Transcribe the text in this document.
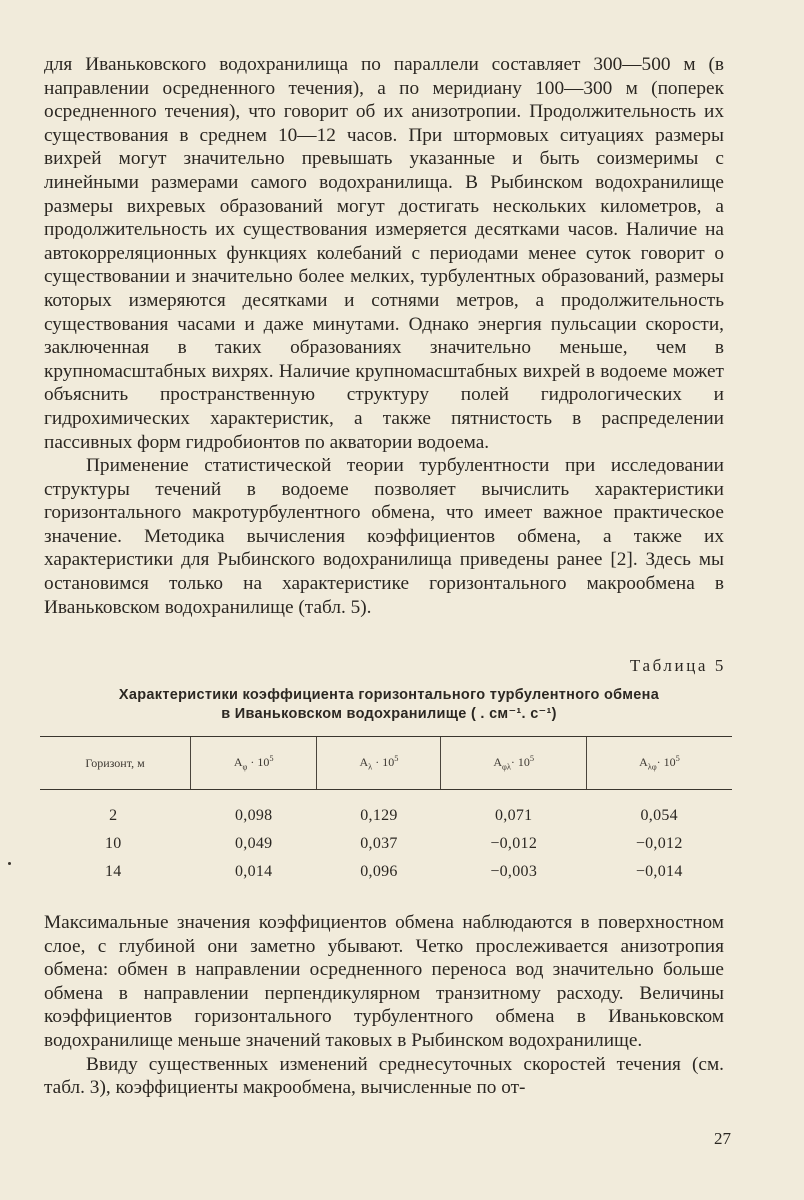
для Иваньковского водохранилища по параллели составляет 300—500 м (в направлении осредненного течения), а по меридиану 100—300 м (поперек осредненного течения), что говорит об их анизотропии. Продолжительность их существования в среднем 10—12 часов. При штормовых ситуациях размеры вихрей могут значительно превышать указанные и быть соизмеримы с линейными размерами самого водохранилища. В Рыбинском водохранилище размеры вихревых образований могут достигать нескольких километров, а продолжительность их существования измеряется десятками часов. Наличие на автокорреляционных функциях колебаний с периодами менее суток говорит о существовании и значительно более мелких, турбулентных образований, размеры которых измеряются десятками и сотнями метров, а продолжительность существования часами и даже минутами. Однако энергия пульсации скорости, заключенная в таких образованиях значительно меньше, чем в крупномасштабных вихрях. Наличие крупномасштабных вихрей в водоеме может объяснить пространственную структуру полей гидрологических и гидрохимических характеристик, а также пятнистость в распределении пассивных форм гидробионтов по акватории водоема.

Применение статистической теории турбулентности при исследовании структуры течений в водоеме позволяет вычислить характеристики горизонтального макротурбулентного обмена, что имеет важное практическое значение. Методика вычисления коэффициентов обмена, а также их характеристики для Рыбинского водохранилища приведены ранее [2]. Здесь мы остановимся только на характеристике горизонтального макрообмена в Иваньковском водохранилище (табл. 5).

Таблица 5
Характеристики коэффициента горизонтального турбулентного обмена
в Иваньковском водохранилище ( . см⁻¹. с⁻¹)
Горизонт, м	$A_\varphi \cdot 10^5$	$A_\lambda \cdot 10^5$	$A_{\varphi\lambda}\cdot 10^5$	$A_{\lambda\varphi}\cdot 10^5$
2	0,098	0,129	0,071	0,054
10	0,049	0,037	−0,012	−0,012
14	0,014	0,096	−0,003	−0,014

Максимальные значения коэффициентов обмена наблюдаются в поверхностном слое, с глубиной они заметно убывают. Четко прослеживается анизотропия обмена: обмен в направлении осредненного переноса вод значительно больше обмена в направлении перпендикулярном транзитному расходу. Величины коэффициентов горизонтального турбулентного обмена в Иваньковском водохранилище меньше значений таковых в Рыбинском водохранилище.

Ввиду существенных изменений среднесуточных скоростей течения (см. табл. 3), коэффициенты макрообмена, вычисленные по от-

27
